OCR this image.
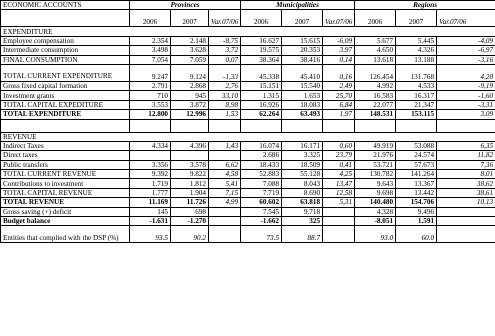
ECONOMIC ACCOUNTS	Provinces			Municipalities			Regions		
	2006	2007	Var.07/06	2006	2007	Var.07/06	2006	2007	Var.07/06
EXPENDITURE									
Employee compensation	2.354	2.148	-8,75	16.627	15.615	-6,09	5.677	5.445	-4,09
Intermediate consumption	3.498	3.628	3,72	19.575	20.353	3,97	4.650	4.326	-6,97
FINAL CONSUMPTION	7.054	7.059	0,07	38.364	38.416	0,14	13.618	13.188	-3,16
TOTAL CURRENT EXPENDITURE	9.247	9.124	-1,33	45.338	45.410	0,16	126.454	131.768	4,20
Gross fixed capital formation	2.791	2.868	2,76	15.151	15.540	2,49	4.992	4.533	-9,19
Investment grants	710	945	33,10	1.315	1.653	25,70	16.583	16.317	-1,60
TOTAL CAPITAL EXPEDITURE	3.553	3.872	8,98	16.926	18.083	6,84	22.077	21.347	-3,31
TOTAL EXPENDITURE	12.800	12.996	1,53	62.264	63.493	1,97	148.531	153.115	3,09

REVENUE									
Indirect Taxes	4.334	4.396	1,43	16.074	16.171	0,60	49.919	53.088	6,35
Direct taxes				2.686	3.325	23,79	21.976	24.574	11,82
Public transfers	3.356	3.578	6,62	18.433	18.509	0,41	53.721	57.673	7,36
TOTAL CURRENT REVENUE	9.392	9.822	4,58	52.883	55.128	4,25	130.782	141.264	8,01
Contributions to investment	1.719	1.812	5,41	7.088	8.043	13,47	9.643	13.367	38,62
TOTAL CAPITAL REVENUE	1.777	1.904	7,15	7.719	8.690	12,58	9.698	13.442	38,61
TOTAL REVENUE	11.169	11.726	4,99	60.602	63.818	5,31	140.480	154.706	10,13
Gross saving (+) deficit	145	698		7.545	9.718		4.328	9.496	
Budget balance	-1.631	-1.270		-1.662	325		-8.051	1.591	
Entities that complied with the DSP (%)	93.5	90.2		73.5	88.7		93.0	60.0	
